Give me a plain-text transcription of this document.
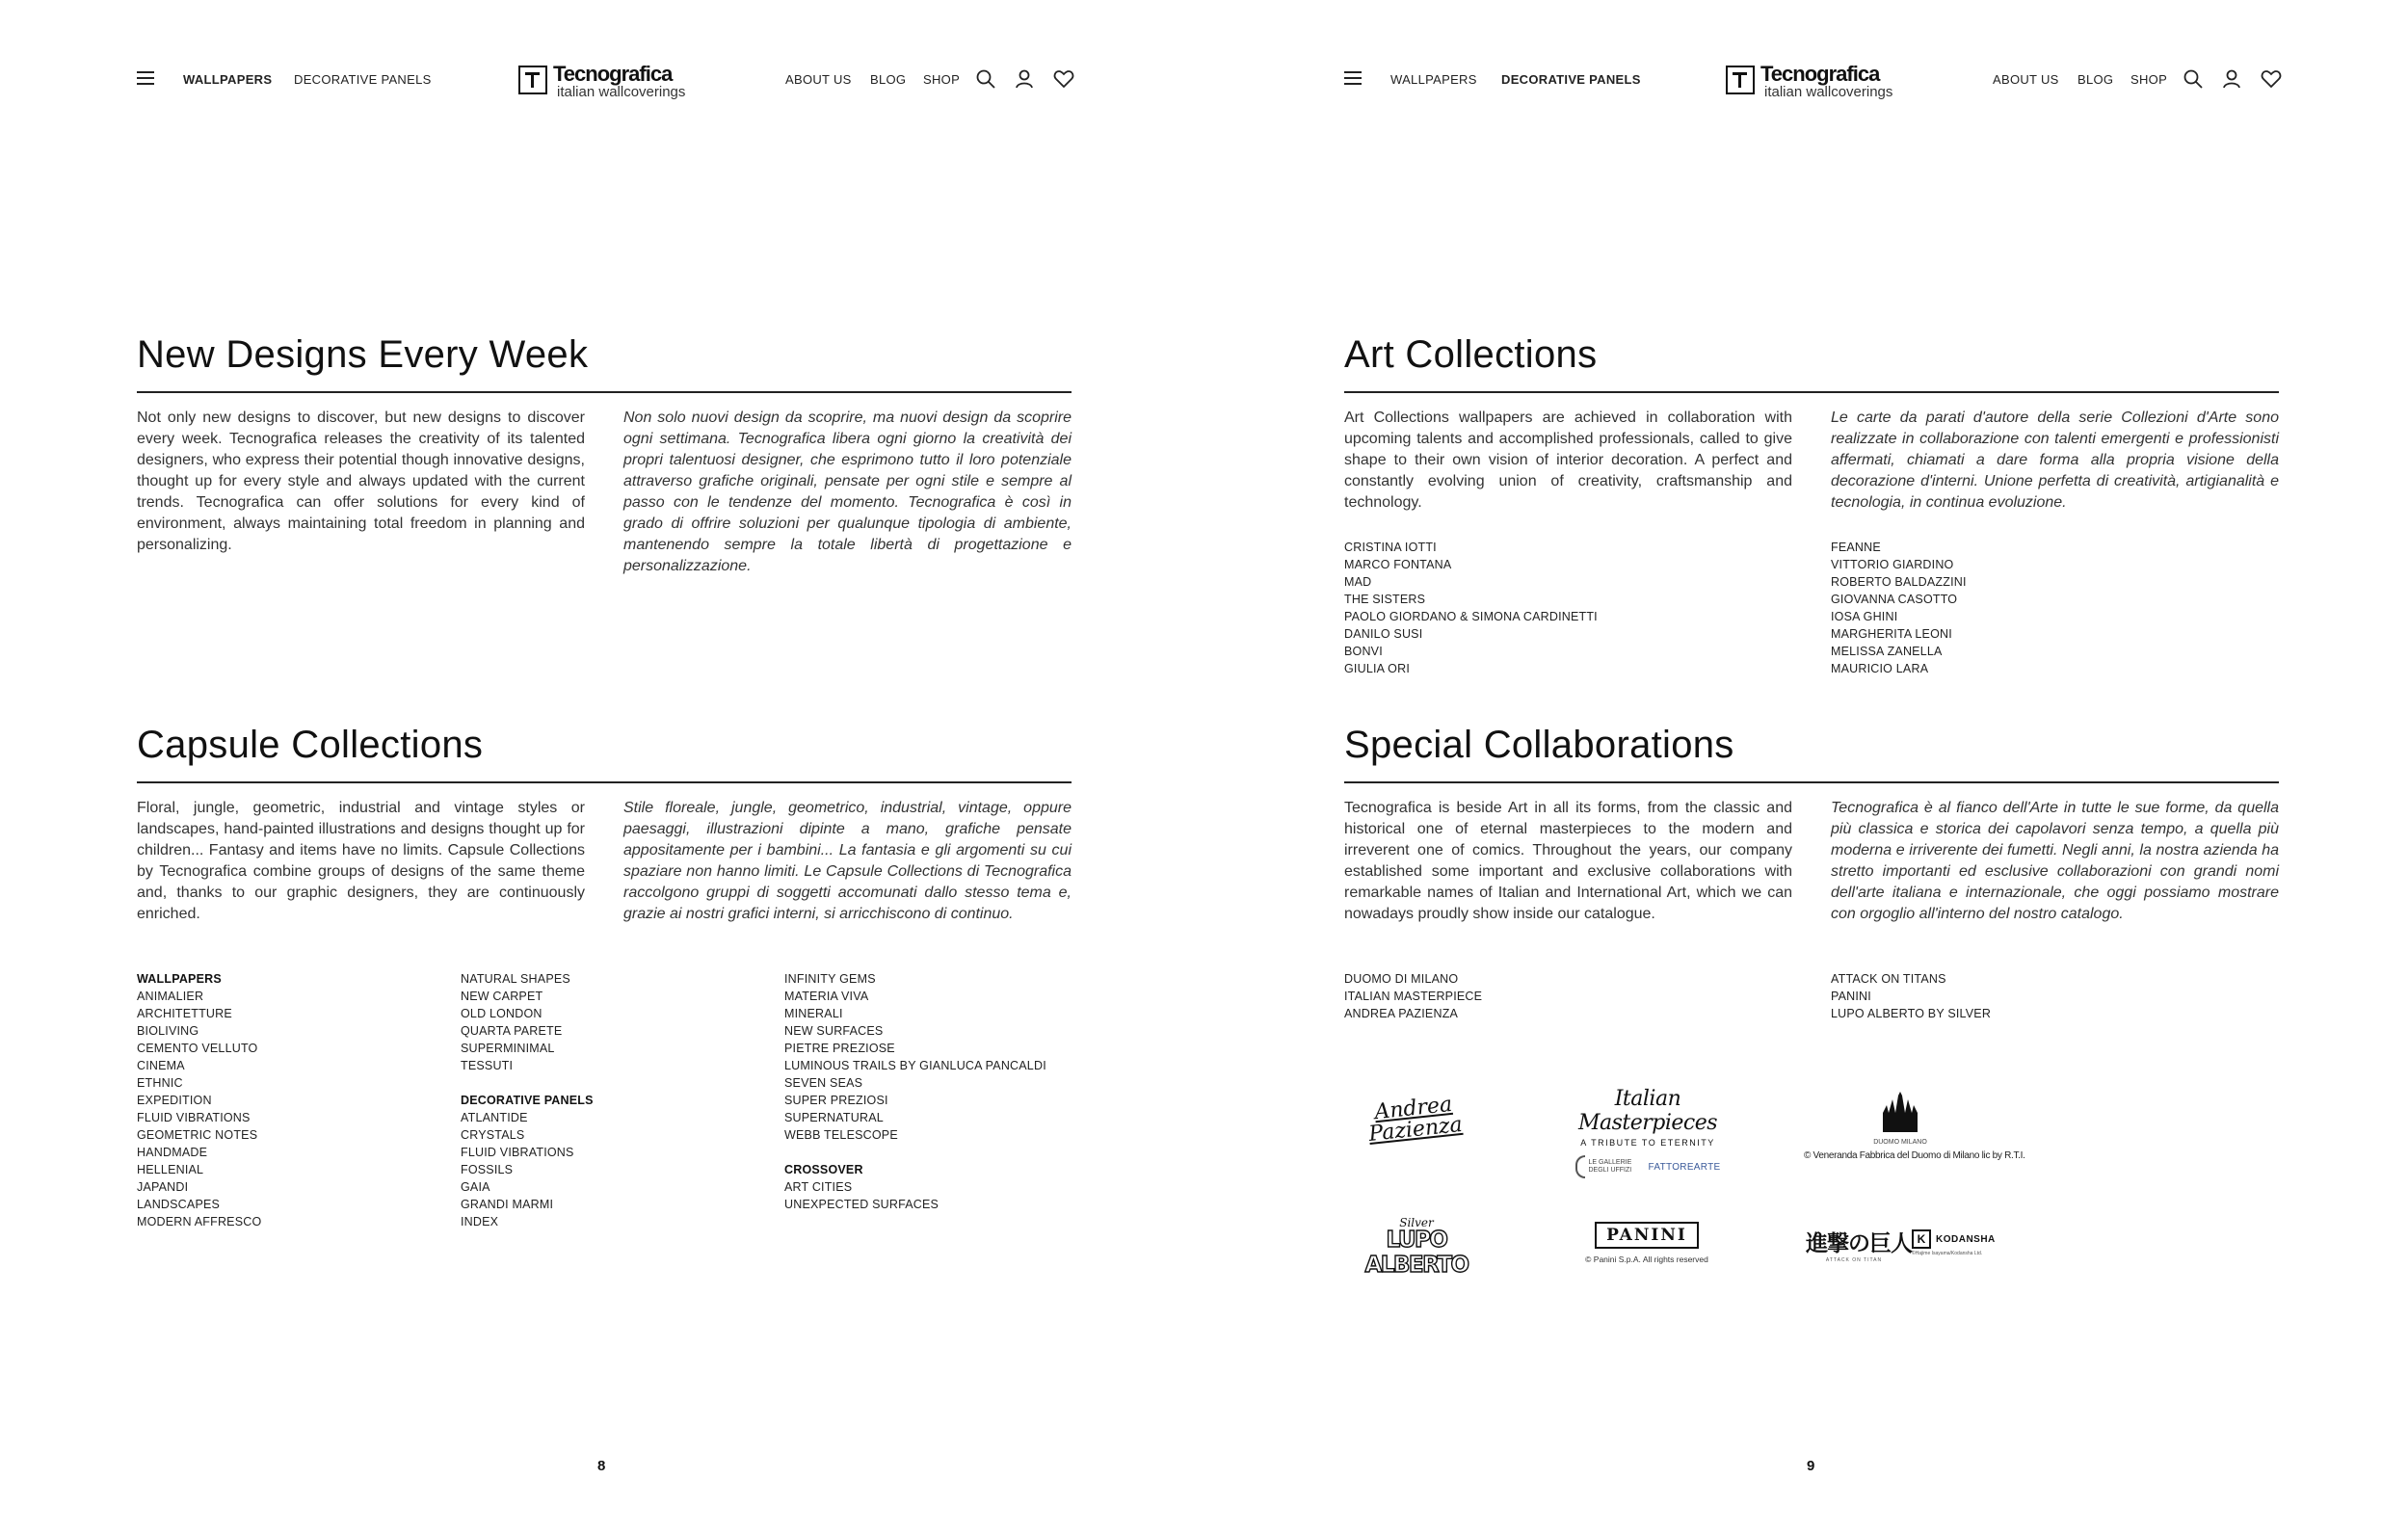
WALLPAPERS DECORATIVE PANELS	Tecnografica
italian wallcoverings
ABOUT US BLOG SHOP
New Designs Every Week

Not only new designs to discover, but new designs to discover every week. Tecnografica releases the creativity of its talented designers, who express their potential though innovative designs, thought up for every style and always updated with the current trends. Tecnografica can offer solutions for every kind of environment, always maintaining total freedom in planning and personalizing.

Non solo nuovi design da scoprire, ma nuovi design da scoprire ogni settimana. Tecnografica libera ogni giorno la creatività dei propri talentuosi designer, che esprimono tutto il loro potenziale attraverso grafiche originali, pensate per ogni stile e sempre al passo con le tendenze del momento. Tecnografica è così in grado di offrire soluzioni per qualunque tipologia di ambiente, mantenendo sempre la totale libertà di progettazione e personalizzazione.

Capsule Collections

Floral, jungle, geometric, industrial and vintage styles or landscapes, hand-painted illustrations and designs thought up for children... Fantasy and items have no limits. Capsule Collections by Tecnografica combine groups of designs of the same theme and, thanks to our graphic designers, they are continuously enriched.

Stile floreale, jungle, geometrico, industrial, vintage, oppure paesaggi, illustrazioni dipinte a mano, grafiche pensate appositamente per i bambini... La fantasia e gli argomenti su cui spaziare non hanno limiti. Le Capsule Collections di Tecnografica raccolgono gruppi di soggetti accomunati dallo stesso tema e, grazie ai nostri grafici interni, si arricchiscono di continuo.

WALLPAPERS
ANIMALIER
ARCHITETTURE
BIOLIVING
CEMENTO VELLUTO
CINEMA
ETHNIC
EXPEDITION
FLUID VIBRATIONS
GEOMETRIC NOTES
HANDMADE
HELLENIAL
JAPANDI
LANDSCAPES
MODERN AFFRESCO
NATURAL SHAPES
NEW CARPET
OLD LONDON
QUARTA PARETE
SUPERMINIMAL
TESSUTI
DECORATIVE PANELS
ATLANTIDE
CRYSTALS
FLUID VIBRATIONS
FOSSILS
GAIA
GRANDI MARMI
INDEX
INFINITY GEMS
MATERIA VIVA
MINERALI
NEW SURFACES
PIETRE PREZIOSE
LUMINOUS TRAILS BY GIANLUCA PANCALDI
SEVEN SEAS
SUPER PREZIOSI
SUPERNATURAL
WEBB TELESCOPE
CROSSOVER
ART CITIES
UNEXPECTED SURFACES
8
WALLPAPERS DECORATIVE PANELS	Tecnografica
italian wallcoverings
ABOUT US BLOG SHOP
Art Collections

Art Collections wallpapers are achieved in collaboration with upcoming talents and accomplished professionals, called to give shape to their own vision of interior decoration. A perfect and constantly evolving union of creativity, craftsmanship and technology.

Le carte da parati d'autore della serie Collezioni d'Arte sono realizzate in collaborazione con talenti emergenti e professionisti affermati, chiamati a dare forma alla propria visione della decorazione d'interni. Unione perfetta di creatività, artigianalità e tecnologia, in continua evoluzione.

CRISTINA IOTTI
MARCO FONTANA
MAD
THE SISTERS
PAOLO GIORDANO & SIMONA CARDINETTI
DANILO SUSI
BONVI
GIULIA ORI
FEANNE
VITTORIO GIARDINO
ROBERTO BALDAZZINI
GIOVANNA CASOTTO
IOSA GHINI
MARGHERITA LEONI
MELISSA ZANELLA
MAURICIO LARA
Special Collaborations

Tecnografica is beside Art in all its forms, from the classic and historical one of eternal masterpieces to the modern and irreverent one of comics. Throughout the years, our company established some important and exclusive collaborations with remarkable names of Italian and International Art, which we can nowadays proudly show inside our catalogue.

Tecnografica è al fianco dell'Arte in tutte le sue forme, da quella più classica e storica dei capolavori senza tempo, a quella più moderna e irriverente dei fumetti. Negli anni, la nostra azienda ha stretto importanti ed esclusive collaborazioni con grandi nomi dell'arte italiana e internazionale, che oggi possiamo mostrare con orgoglio all'interno del nostro catalogo.

DUOMO DI MILANO
ITALIAN MASTERPIECE
ANDREA PAZIENZA
ATTACK ON TITANS
PANINI
LUPO ALBERTO BY SILVER
Andrea Pazienza
Italian Masterpieces
A TRIBUTE TO ETERNITY
LE GALLERIE DEGLI UFFIZI	FATTOREARTE
DUOMO MILANO
© Veneranda Fabbrica del Duomo di Milano lic by R.T.I.
Silver
LUPO ALBERTO
PANINI
© Panini S.p.A. All rights reserved
進撃の巨人
ATTACK ON TITAN
K	KODANSHA
©Hajime Isayama/Kodansha Ltd.
9
